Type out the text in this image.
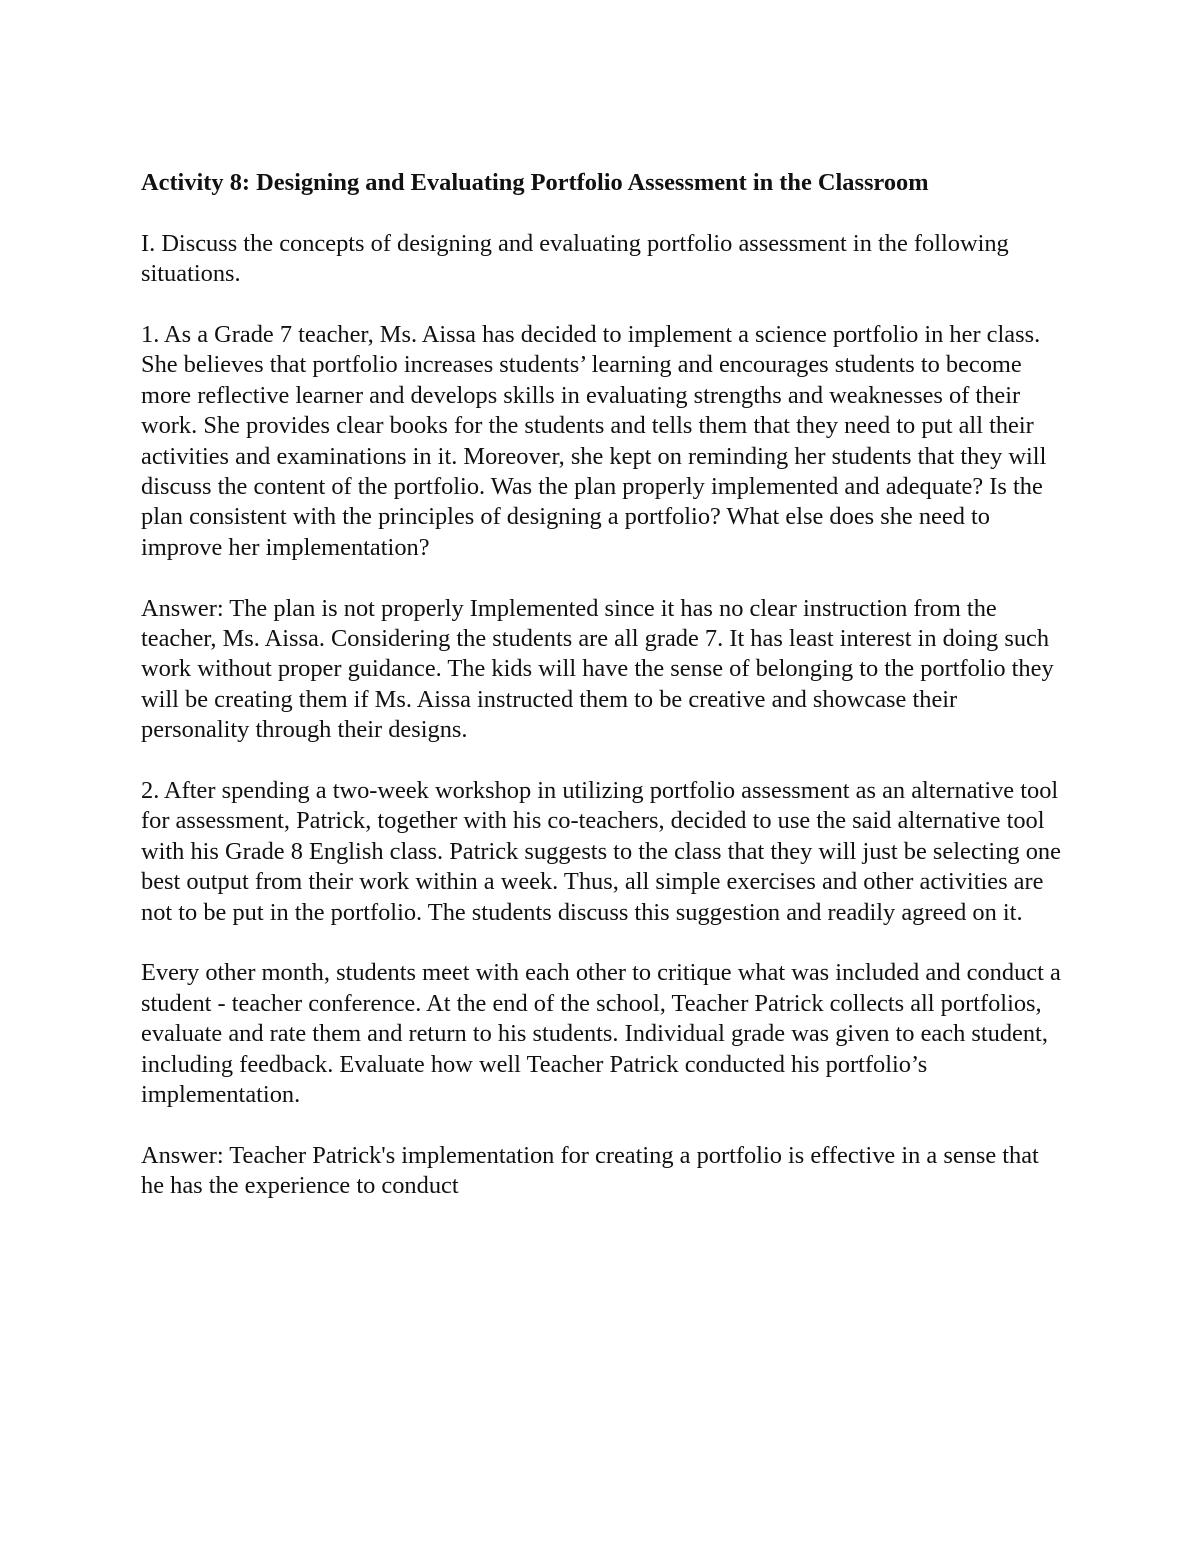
Activity 8: Designing and Evaluating Portfolio Assessment in the Classroom

I. Discuss the concepts of designing and evaluating portfolio assessment in the following situations.

1. As a Grade 7 teacher, Ms. Aissa has decided to implement a science portfolio in her class. She believes that portfolio increases students’ learning and encourages students to become more reflective learner and develops skills in evaluating strengths and weaknesses of their work. She provides clear books for the students and tells them that they need to put all their activities and examinations in it. Moreover, she kept on reminding her students that they will discuss the content of the portfolio. Was the plan properly implemented and adequate? Is the plan consistent with the principles of designing a portfolio? What else does she need to improve her implementation?

Answer: The plan is not properly Implemented since it has no clear instruction from the teacher, Ms. Aissa. Considering the students are all grade 7. It has least interest in doing such work without proper guidance. The kids will have the sense of belonging to the portfolio they will be creating them if Ms. Aissa instructed them to be creative and showcase their personality through their designs.

2. After spending a two-week workshop in utilizing portfolio assessment as an alternative tool for assessment, Patrick, together with his co-teachers, decided to use the said alternative tool with his Grade 8 English class. Patrick suggests to the class that they will just be selecting one best output from their work within a week. Thus, all simple exercises and other activities are not to be put in the portfolio. The students discuss this suggestion and readily agreed on it.

Every other month, students meet with each other to critique what was included and conduct a student - teacher conference. At the end of the school, Teacher Patrick collects all portfolios, evaluate and rate them and return to his students. Individual grade was given to each student, including feedback. Evaluate how well Teacher Patrick conducted his portfolio’s implementation.

Answer: Teacher Patrick's implementation for creating a portfolio is effective in a sense that he has the experience to conduct
